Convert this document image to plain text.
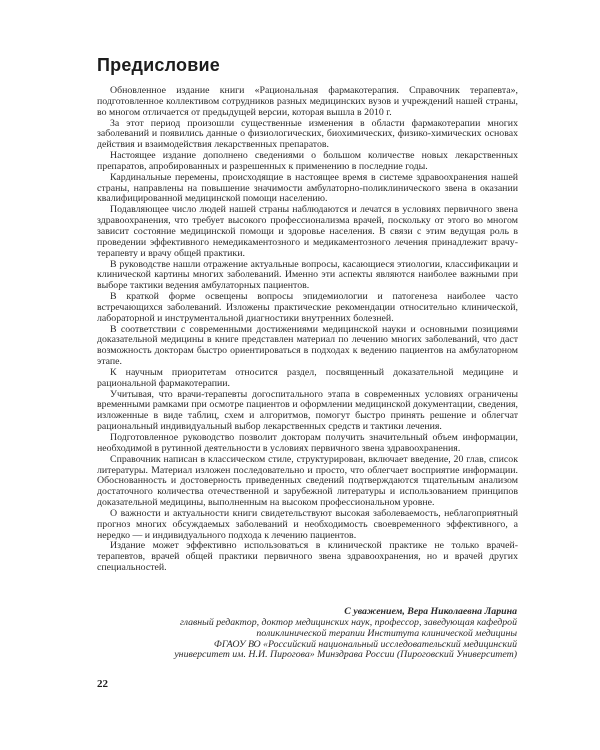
Предисловие

Обновленное издание книги «Рациональная фармакотерапия. Справочник терапевта», подготовленное коллективом сотрудников разных медицинских вузов и учреждений нашей страны, во многом отличается от предыдущей версии, которая вышла в 2010 г.

За этот период произошли существенные изменения в области фармакотерапии многих заболеваний и появились данные о физиологических, биохимических, физико-химических основах действия и взаимодействия лекарственных препаратов.

Настоящее издание дополнено сведениями о большом количестве новых лекарственных препаратов, апробированных и разрешенных к применению в последние годы.

Кардинальные перемены, происходящие в настоящее время в системе здравоохранения нашей страны, направлены на повышение значимости амбулаторно-поликлинического звена в оказании квалифицированной медицинской помощи населению.

Подавляющее число людей нашей страны наблюдаются и лечатся в условиях первичного звена здравоохранения, что требует высокого профессионализма врачей, поскольку от этого во многом зависит состояние медицинской помощи и здоровье населения. В связи с этим ведущая роль в проведении эффективного немедикаментозного и медикаментозного лечения принадлежит врачу-терапевту и врачу общей практики.

В руководстве нашли отражение актуальные вопросы, касающиеся этиологии, классификации и клинической картины многих заболеваний. Именно эти аспекты являются наиболее важными при выборе тактики ведения амбулаторных пациентов.

В краткой форме освещены вопросы эпидемиологии и патогенеза наиболее часто встречающихся заболеваний. Изложены практические рекомендации относительно клинической, лабораторной и инструментальной диагностики внутренних болезней.

В соответствии с современными достижениями медицинской науки и основными позициями доказательной медицины в книге представлен материал по лечению многих заболеваний, что даст возможность докторам быстро ориентироваться в подходах к ведению пациентов на амбулаторном этапе.

К научным приоритетам относится раздел, посвященный доказательной медицине и рациональной фармакотерапии.

Учитывая, что врачи-терапевты догоспитального этапа в современных условиях ограничены временными рамками при осмотре пациентов и оформлении медицинской документации, сведения, изложенные в виде таблиц, схем и алгоритмов, помогут быстро принять решение и облегчат рациональный индивидуальный выбор лекарственных средств и тактики лечения.

Подготовленное руководство позволит докторам получить значительный объем информации, необходимой в рутинной деятельности в условиях первичного звена здравоохранения.

Справочник написан в классическом стиле, структурирован, включает введение, 20 глав, список литературы. Материал изложен последовательно и просто, что облегчает восприятие информации. Обоснованность и достоверность приведенных сведений подтверждаются тщательным анализом достаточного количества отечественной и зарубежной литературы и использованием принципов доказательной медицины, выполненным на высоком профессиональном уровне.

О важности и актуальности книги свидетельствуют высокая заболеваемость, неблагоприятный прогноз многих обсуждаемых заболеваний и необходимость своевременного эффективного, а нередко — и индивидуального подхода к лечению пациентов.

Издание может эффективно использоваться в клинической практике не только врачей-терапевтов, врачей общей практики первичного звена здравоохранения, но и врачей других специальностей.

С уважением, Вера Николаевна Ларина
главный редактор, доктор медицинских наук, профессор, заведующая кафедрой
поликлинической терапии Института клинической медицины
ФГАОУ ВО «Российский национальный исследовательский медицинский
университет им. Н.И. Пирогова» Минздрава России (Пироговский Университет)
22
